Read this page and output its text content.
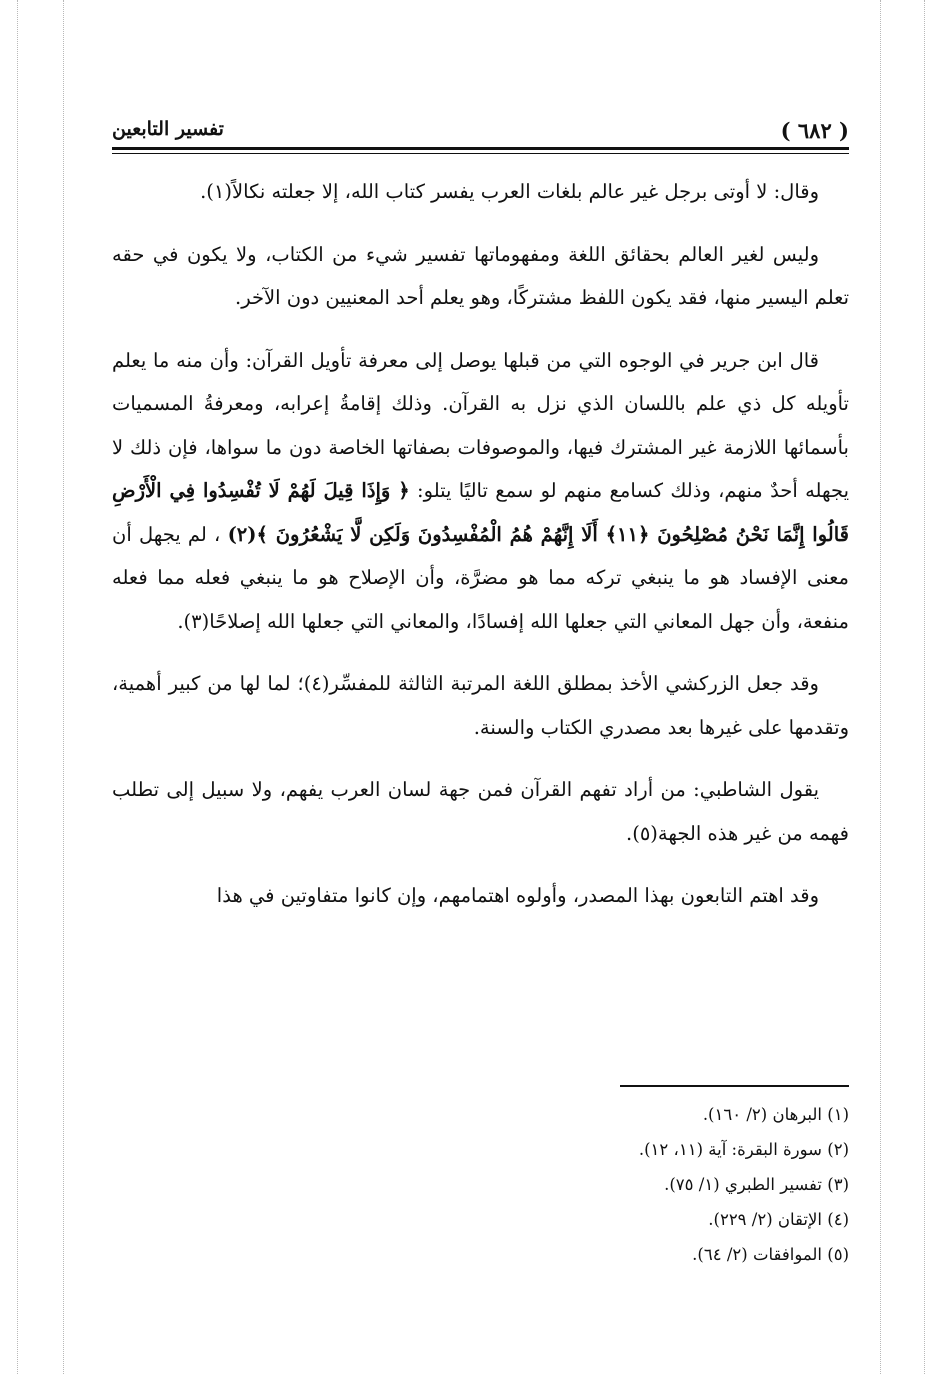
( ٦٨٢ )
تفسير التابعين

وقال: لا أوتى برجل غير عالم بلغات العرب يفسر كتاب الله، إلا جعلته نكالاً(١).

وليس لغير العالم بحقائق اللغة ومفهوماتها تفسير شيء من الكتاب، ولا يكون في حقه تعلم اليسير منها، فقد يكون اللفظ مشتركًا، وهو يعلم أحد المعنيين دون الآخر.

قال ابن جرير في الوجوه التي من قبلها يوصل إلى معرفة تأويل القرآن: وأن منه ما يعلم تأويله كل ذي علم باللسان الذي نزل به القرآن. وذلك إقامةُ إعرابه، ومعرفةُ المسميات بأسمائها اللازمة غير المشترك فيها، والموصوفات بصفاتها الخاصة دون ما سواها، فإن ذلك لا يجهله أحدٌ منهم، وذلك كسامع منهم لو سمع تاليًا يتلو: ﴿ وَإِذَا قِيلَ لَهُمْ لَا تُفْسِدُوا فِي الْأَرْضِ قَالُوا إِنَّمَا نَحْنُ مُصْلِحُونَ ﴿١١﴾ أَلَا إِنَّهُمْ هُمُ الْمُفْسِدُونَ وَلَكِن لَّا يَشْعُرُونَ ﴾(٢) ، لم يجهل أن معنى الإفساد هو ما ينبغي تركه مما هو مضرَّة، وأن الإصلاح هو ما ينبغي فعله مما فعله منفعة، وأن جهل المعاني التي جعلها الله إفسادًا، والمعاني التي جعلها الله إصلاحًا(٣).

وقد جعل الزركشي الأخذ بمطلق اللغة المرتبة الثالثة للمفسِّر(٤)؛ لما لها من كبير أهمية، وتقدمها على غيرها بعد مصدري الكتاب والسنة.

يقول الشاطبي: من أراد تفهم القرآن فمن جهة لسان العرب يفهم، ولا سبيل إلى تطلب فهمه من غير هذه الجهة(٥).

وقد اهتم التابعون بهذا المصدر، وأولوه اهتمامهم، وإن كانوا متفاوتين في هذا

(١) البرهان (٢/ ١٦٠).
(٢) سورة البقرة: آية (١١، ١٢).
(٣) تفسير الطبري (١/ ٧٥).
(٤) الإتقان (٢/ ٢٢٩).
(٥) الموافقات (٢/ ٦٤).
